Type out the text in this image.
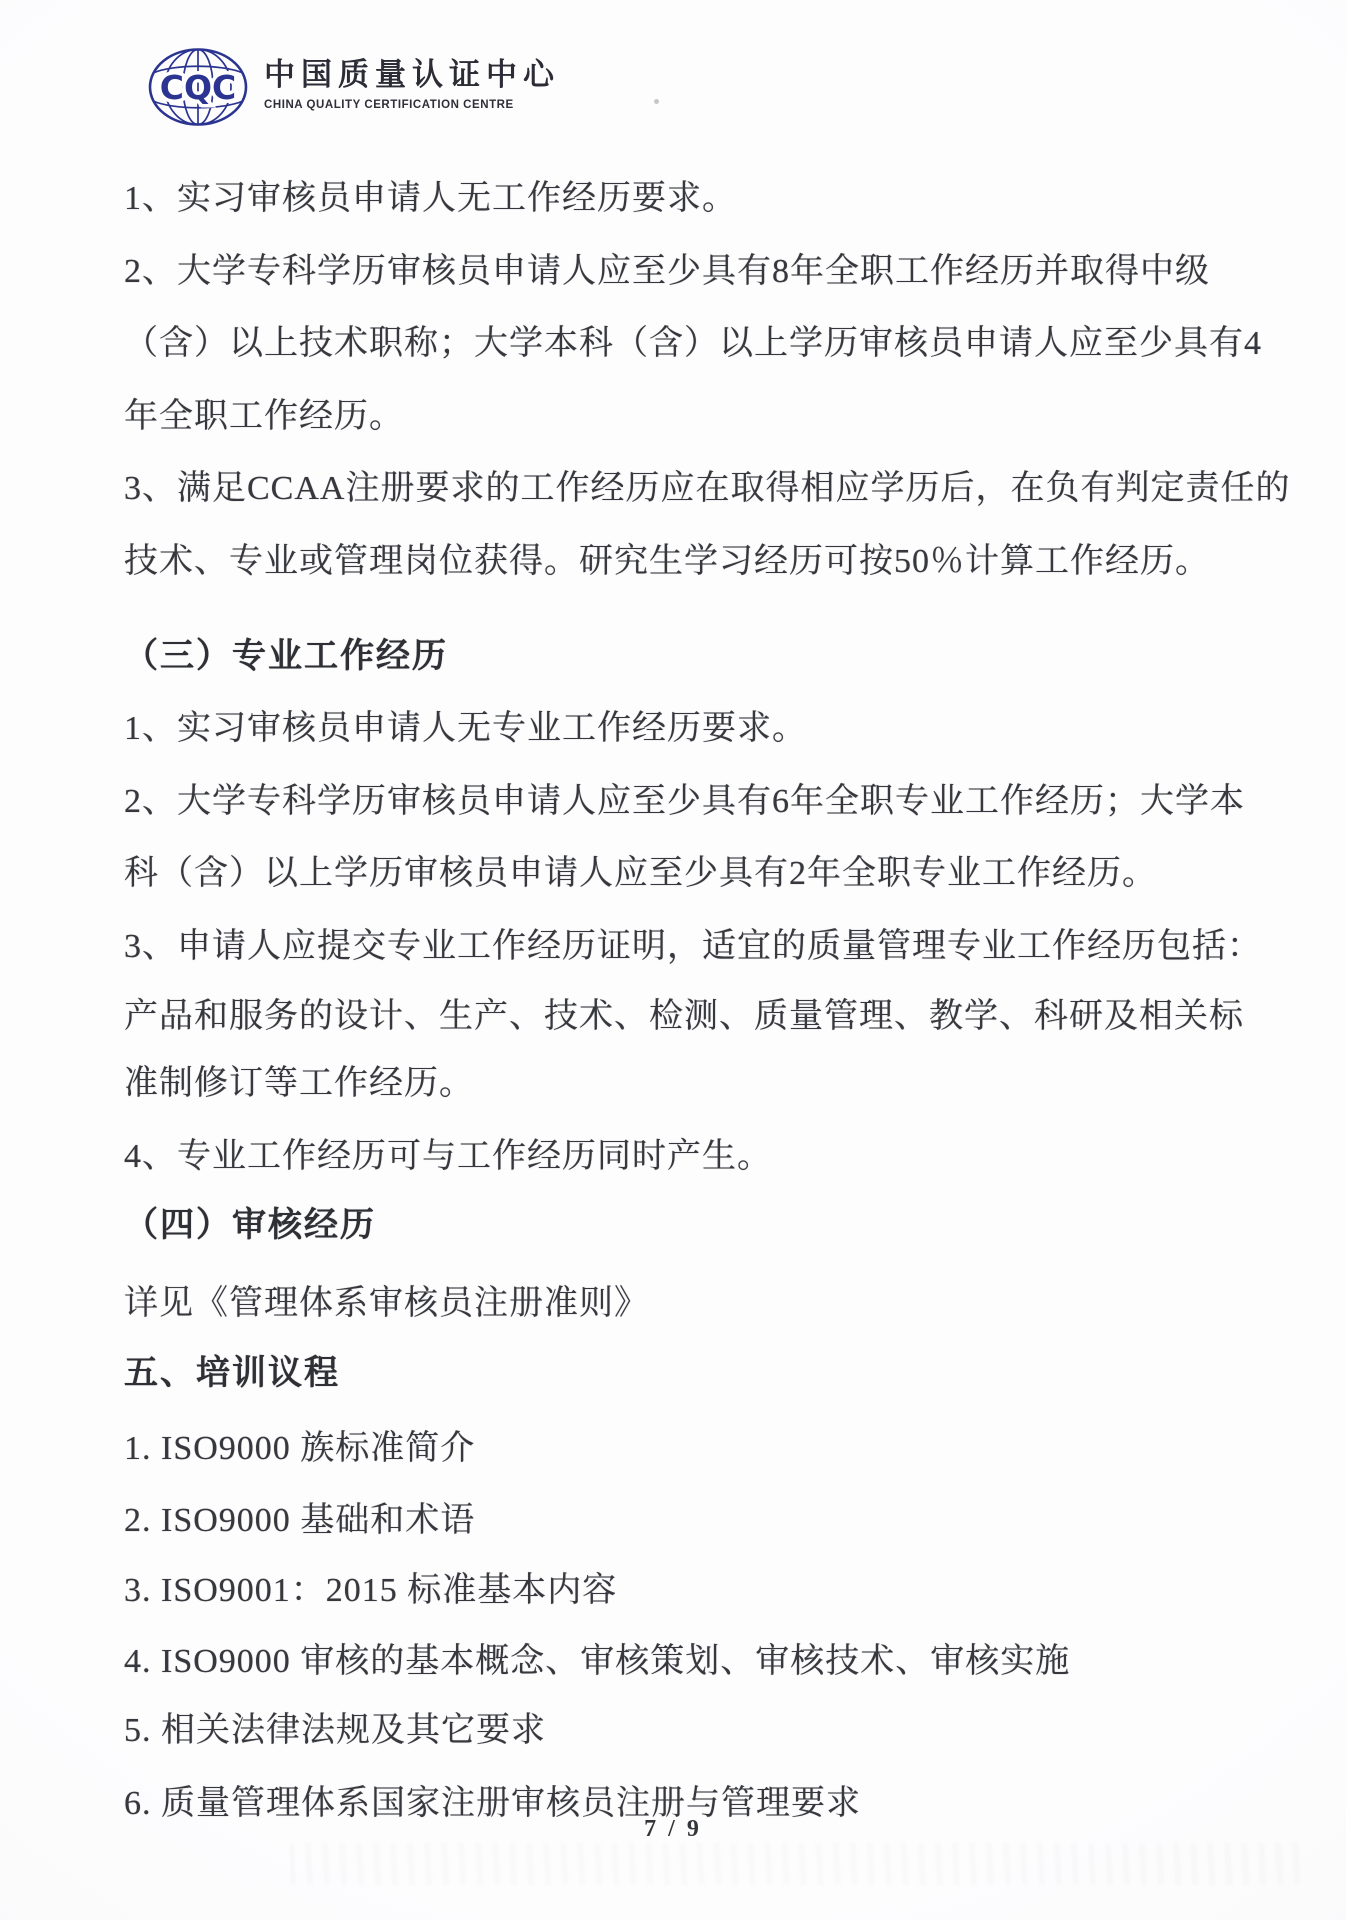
CQC 中国质量认证中心
CHINA QUALITY CERTIFICATION CENTRE
1、实习审核员申请人无工作经历要求。
2、大学专科学历审核员申请人应至少具有8年全职工作经历并取得中级
（含）以上技术职称；大学本科（含）以上学历审核员申请人应至少具有4
年全职工作经历。
3、满足CCAA注册要求的工作经历应在取得相应学历后，在负有判定责任的
技术、专业或管理岗位获得。研究生学习经历可按50％计算工作经历。
（三）专业工作经历
1、实习审核员申请人无专业工作经历要求。
2、大学专科学历审核员申请人应至少具有6年全职专业工作经历；大学本
科（含）以上学历审核员申请人应至少具有2年全职专业工作经历。
3、申请人应提交专业工作经历证明，适宜的质量管理专业工作经历包括：
产品和服务的设计、生产、技术、检测、质量管理、教学、科研及相关标
准制修订等工作经历。
4、专业工作经历可与工作经历同时产生。
（四）审核经历
详见《管理体系审核员注册准则》
五、培训议程
1. ISO9000 族标准简介
2. ISO9000 基础和术语
3. ISO9001：2015 标准基本内容
4. ISO9000 审核的基本概念、审核策划、审核技术、审核实施
5. 相关法律法规及其它要求
6. 质量管理体系国家注册审核员注册与管理要求
7 / 9
